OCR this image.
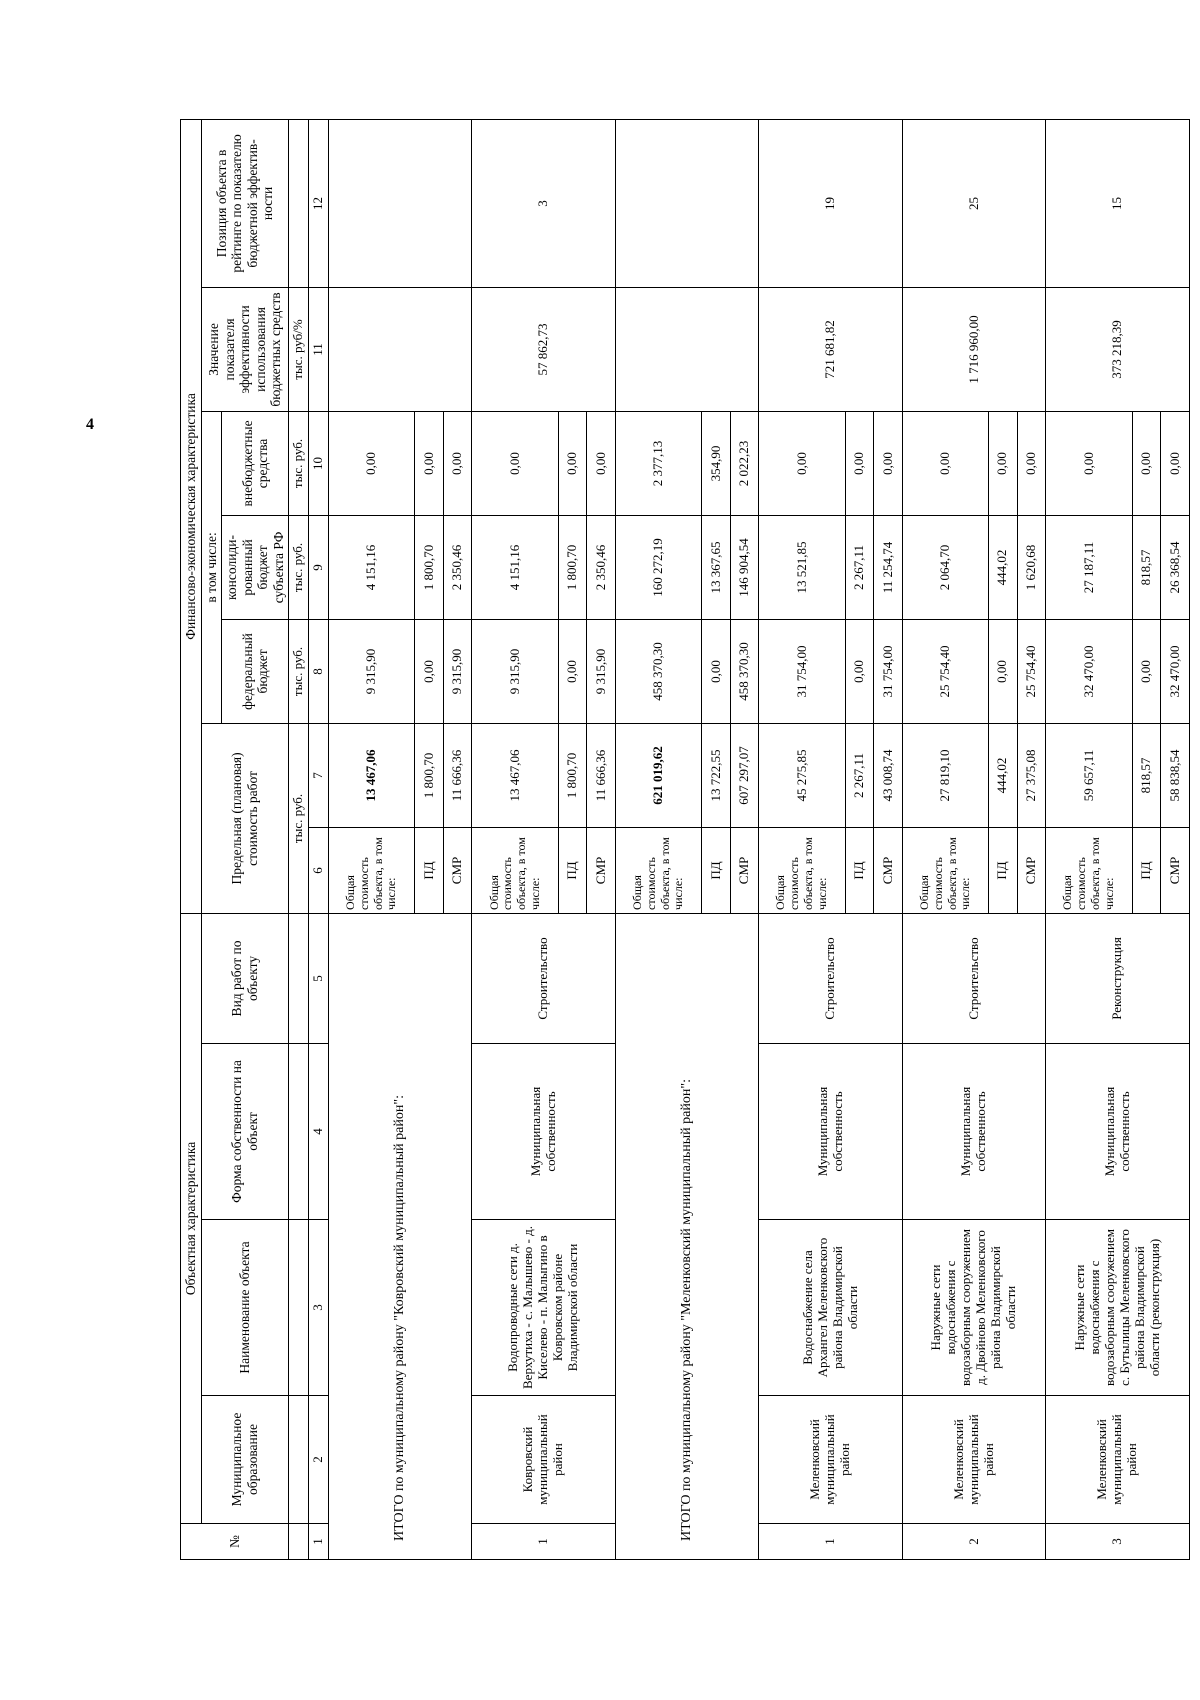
4
№	Объектная характеристика				Финансово-экономическая характеристика						
	Муниципальное образование	Наименование объекта	Форма собственности на объект	Вид работ по объекту	Предельная (плановая) стоимость работ		в том числе:			Значение показателя эффективности использования бюджетных средств	Позиция объекта в рейтинге по показателю бюджетной эффектив-ности
							федеральный бюджет	консолиди-рованный бюджет субъекта РФ	внебюджетные средства		
					тыс. руб.		тыс. руб.	тыс. руб.	тыс. руб.	тыс. руб/%	
1	2	3	4	5	6	7	8	9	10	11	12
ИТОГО по муниципальному району "Ковровский муниципальный район":					Общая стоимость объекта, в том числе:	13 467,06	9 315,90	4 151,16	0,00		
					ПД	1 800,70	0,00	1 800,70	0,00		
					СМР	11 666,36	9 315,90	2 350,46	0,00		
1	Ковровский муниципальный район	Водопроводные сети д. Верхутиха - с. Малышево - д. Киселево - п. Малыгино в Ковровском районе Владимирской области	Муниципальная собственность	Строительство	Общая стоимость объекта, в том числе:	13 467,06	9 315,90	4 151,16	0,00	57 862,73	3
					ПД	1 800,70	0,00	1 800,70	0,00		
					СМР	11 666,36	9 315,90	2 350,46	0,00		
ИТОГО по муниципальному району "Меленковский муниципальный район":					Общая стоимость объекта, в том числе:	621 019,62	458 370,30	160 272,19	2 377,13		
					ПД	13 722,55	0,00	13 367,65	354,90		
					СМР	607 297,07	458 370,30	146 904,54	2 022,23		
1	Меленковский муниципальный район	Водоснабжение села Архангел Меленковского района Владимирской области	Муниципальная собственность	Строительство	Общая стоимость объекта, в том числе:	45 275,85	31 754,00	13 521,85	0,00	721 681,82	19
					ПД	2 267,11	0,00	2 267,11	0,00		
					СМР	43 008,74	31 754,00	11 254,74	0,00		
2	Меленковский муниципальный район	Наружные сети водоснабжения с водозаборным сооружением д. Двойново Меленковского района Владимирской области	Муниципальная собственность	Строительство	Общая стоимость объекта, в том числе:	27 819,10	25 754,40	2 064,70	0,00	1 716 960,00	25
					ПД	444,02	0,00	444,02	0,00		
					СМР	27 375,08	25 754,40	1 620,68	0,00		
3	Меленковский муниципальный район	Наружные сети водоснабжения с водозаборным сооружением с. Бутылицы Меленковского района Владимирской области (реконструкция)	Муниципальная собственность	Реконструкция	Общая стоимость объекта, в том числе:	59 657,11	32 470,00	27 187,11	0,00	373 218,39	15
					ПД	818,57	0,00	818,57	0,00		
					СМР	58 838,54	32 470,00	26 368,54	0,00		
